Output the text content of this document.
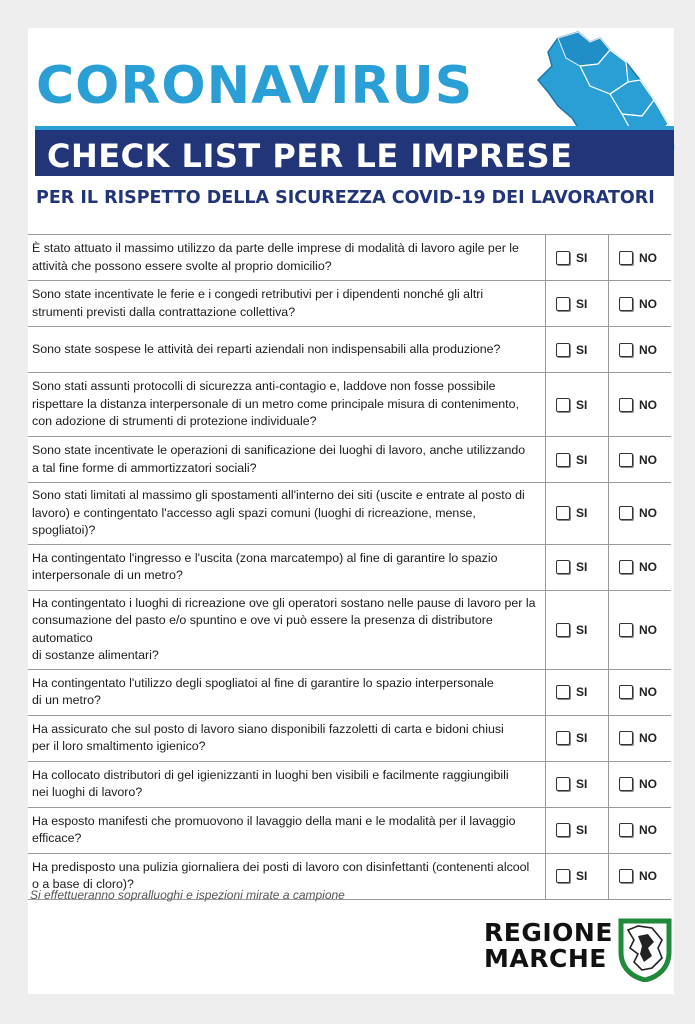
CORONAVIRUS
CHECK LIST PER LE IMPRESE
PER IL RISPETTO DELLA SICUREZZA COVID-19 DEI LAVORATORI
È stato attuato il massimo utilizzo da parte delle imprese di modalità di lavoro agile per le
attività che possono essere svolte al proprio domicilio?	SI	NO
Sono state incentivate le ferie e i congedi retributivi per i dipendenti nonché gli altri
strumenti previsti dalla contrattazione collettiva?	SI	NO
Sono state sospese le attività dei reparti aziendali non indispensabili alla produzione?	SI	NO
Sono stati assunti protocolli di sicurezza anti-contagio e, laddove non fosse possibile
rispettare la distanza interpersonale di un metro come principale misura di contenimento,
con adozione di strumenti di protezione individuale?	SI	NO
Sono state incentivate le operazioni di sanificazione dei luoghi di lavoro, anche utilizzando
a tal fine forme di ammortizzatori sociali?	SI	NO
Sono stati limitati al massimo gli spostamenti all'interno dei siti (uscite e entrate al posto di
lavoro) e contingentato l'accesso agli spazi comuni (luoghi di ricreazione, mense, spogliatoi)?	SI	NO
Ha contingentato l'ingresso e l'uscita (zona marcatempo) al fine di garantire lo spazio
interpersonale di un metro?	SI	NO
Ha contingentato i luoghi di ricreazione ove gli operatori sostano nelle pause di lavoro per la
consumazione del pasto e/o spuntino e ove vi può essere la presenza di distributore automatico
di sostanze alimentari?	SI	NO
Ha contingentato l'utilizzo degli spogliatoi al fine di garantire lo spazio interpersonale
di un metro?	SI	NO
Ha assicurato che sul posto di lavoro siano disponibili fazzoletti di carta e bidoni chiusi
per il loro smaltimento igienico?	SI	NO
Ha collocato distributori di gel igienizzanti in luoghi ben visibili e facilmente raggiungibili
nei luoghi di lavoro?	SI	NO
Ha esposto manifesti che promuovono il lavaggio della mani e le modalità per il lavaggio
efficace?	SI	NO
Ha predisposto una pulizia giornaliera dei posti di lavoro con disinfettanti (contenenti alcool
o a base di cloro)?	SI	NO
Si effettueranno sopralluoghi e ispezioni mirate a campione
REGIONE
MARCHE
